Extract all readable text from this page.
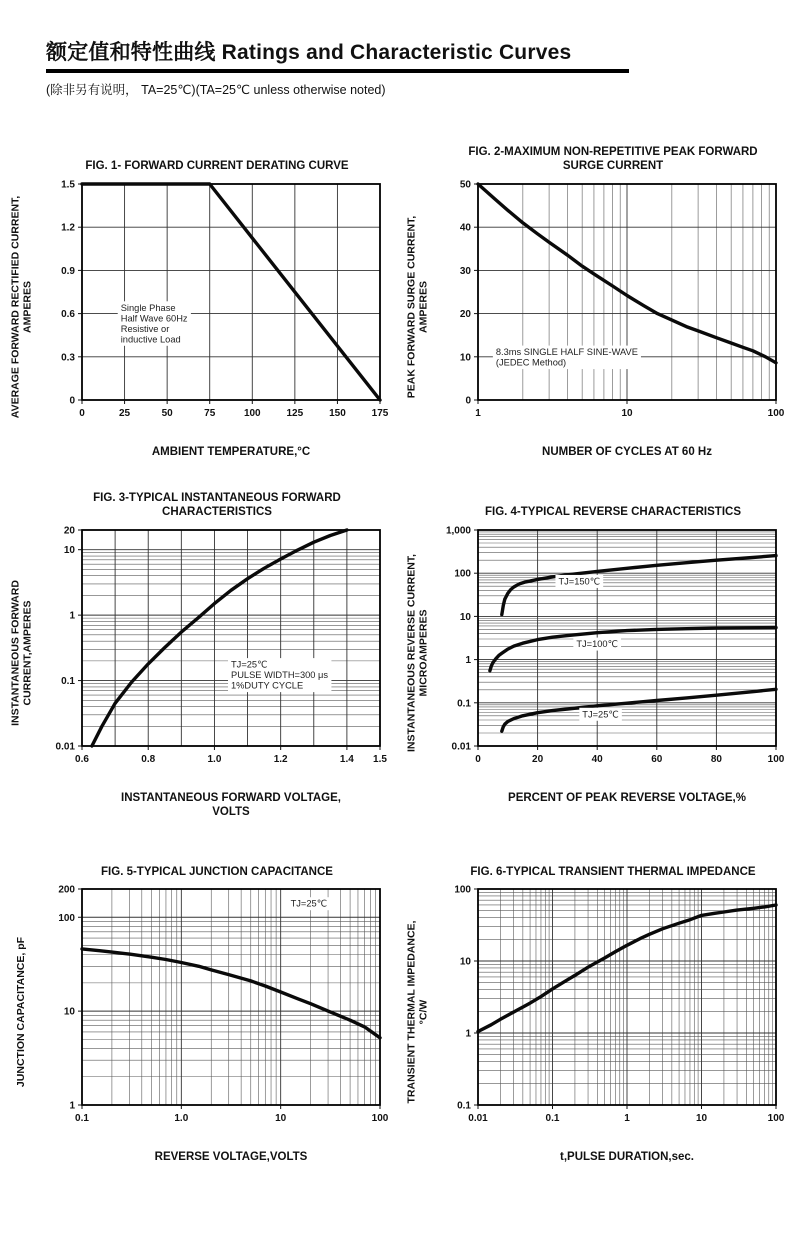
额定值和特性曲线 Ratings and Characteristic Curves
(除非另有说明， TA=25℃)(TA=25℃ unless otherwise noted)
FIG. 1- FORWARD CURRENT DERATING CURVE
AVERAGE FORWARD RECTIFIED CURRENT,
AMPERES
0	25	50	75	100	125	150	175
0
0.3
0.6
0.9
1.2
1.5
Single Phase
Half Wave 60Hz
Resistive or
inductive Load
AMBIENT TEMPERATURE,°C
FIG. 2-MAXIMUM NON-REPETITIVE PEAK FORWARD
SURGE CURRENT
PEAK FORWARD SURGE CURRENT,
AMPERES
1	10	100
0
10
20
30
40
50
8.3ms SINGLE HALF SINE-WAVE
(JEDEC Method)
NUMBER OF CYCLES AT 60 Hz
FIG. 3-TYPICAL INSTANTANEOUS FORWARD
CHARACTERISTICS
INSTANTANEOUS FORWARD
CURRENT,AMPERES
0.6	0.8	1.0	1.2	1.4 1.5
0.01
0.1
1
10
20
TJ=25℃
PULSE WIDTH=300 μs
1%DUTY CYCLE
INSTANTANEOUS FORWARD VOLTAGE,
VOLTS
FIG. 4-TYPICAL REVERSE CHARACTERISTICS
INSTANTANEOUS REVERSE CURRENT,
MICROAMPERES
0	20	40	60	80	100
0.01
0.1
1
10
100
1,000
TJ=150℃
TJ=100℃
TJ=25℃
PERCENT OF PEAK REVERSE VOLTAGE,%
FIG. 5-TYPICAL JUNCTION CAPACITANCE
JUNCTION CAPACITANCE, pF
0.1	1.0	10	100
1
10
100
200
TJ=25℃
REVERSE VOLTAGE,VOLTS
FIG. 6-TYPICAL TRANSIENT THERMAL IMPEDANCE
TRANSIENT THERMAL IMPEDANCE,
°C/W
0.01	0.1	1	10	100
0.1
1
10
100
t,PULSE DURATION,sec.
